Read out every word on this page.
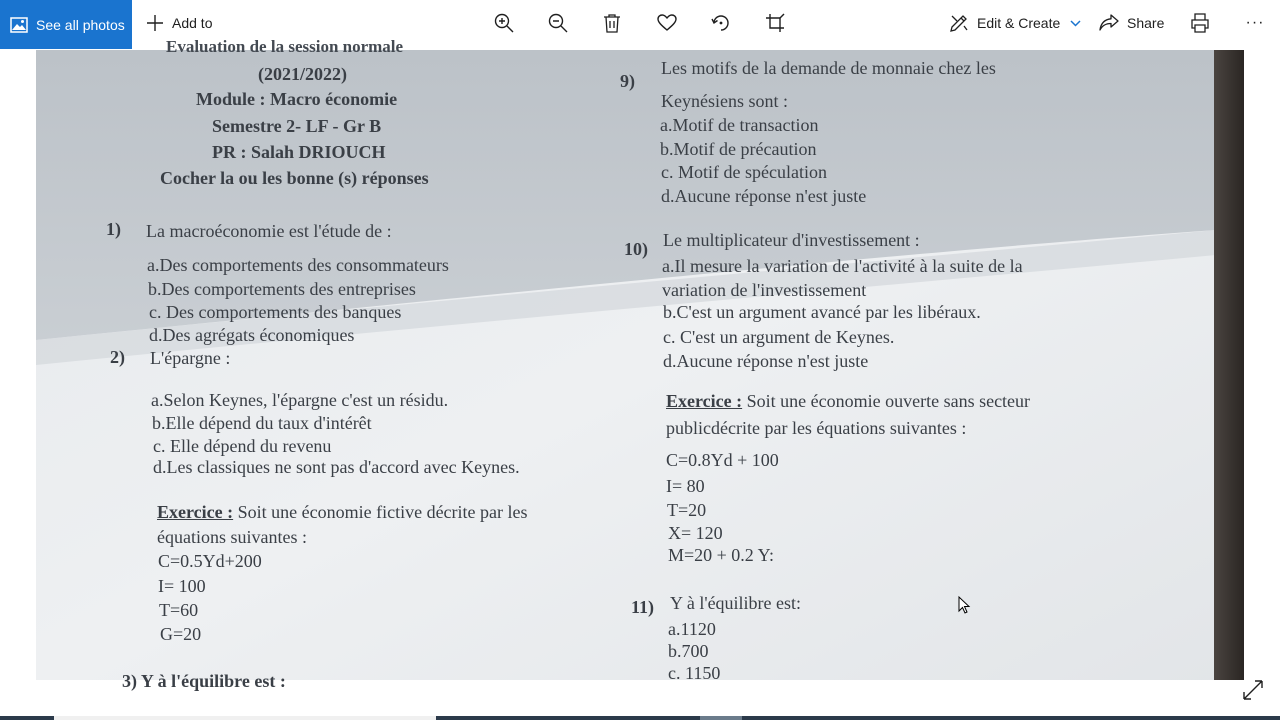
See all photos	Add to	Edit & Create	Share	···
Evaluation de la session normale
(2021/2022)
Module : Macro économie
Semestre 2- LF - Gr B
PR : Salah DRIOUCH
Cocher la ou les bonne (s) réponses
1) La macroéconomie est l'étude de :
a.Des comportements des consommateurs
b.Des comportements des entreprises
c. Des comportements des banques
d.Des agrégats économiques
2) L'épargne :
a.Selon Keynes, l'épargne c'est un résidu.
b.Elle dépend du taux d'intérêt
c. Elle dépend du revenu
d.Les classiques ne sont pas d'accord avec Keynes.
Exercice : Soit une économie fictive décrite par les
équations suivantes :
C=0.5Yd+200
I= 100
T=60
G=20
3) Y à l'équilibre est :
9)
Les motifs de la demande de monnaie chez les
Keynésiens sont :
a.Motif de transaction
b.Motif de précaution
c. Motif de spéculation
d.Aucune réponse n'est juste
10) Le multiplicateur d'investissement :
a.Il mesure la variation de l'activité à la suite de la
variation de l'investissement
b.C'est un argument avancé par les libéraux.
c. C'est un argument de Keynes.
d.Aucune réponse n'est juste
Exercice : Soit une économie ouverte sans secteur
publicdécrite par les équations suivantes :
C=0.8Yd + 100
I= 80
T=20
X= 120
M=20 + 0.2 Y:
11) Y à l'équilibre est:
a.1120
b.700
c. 1150
